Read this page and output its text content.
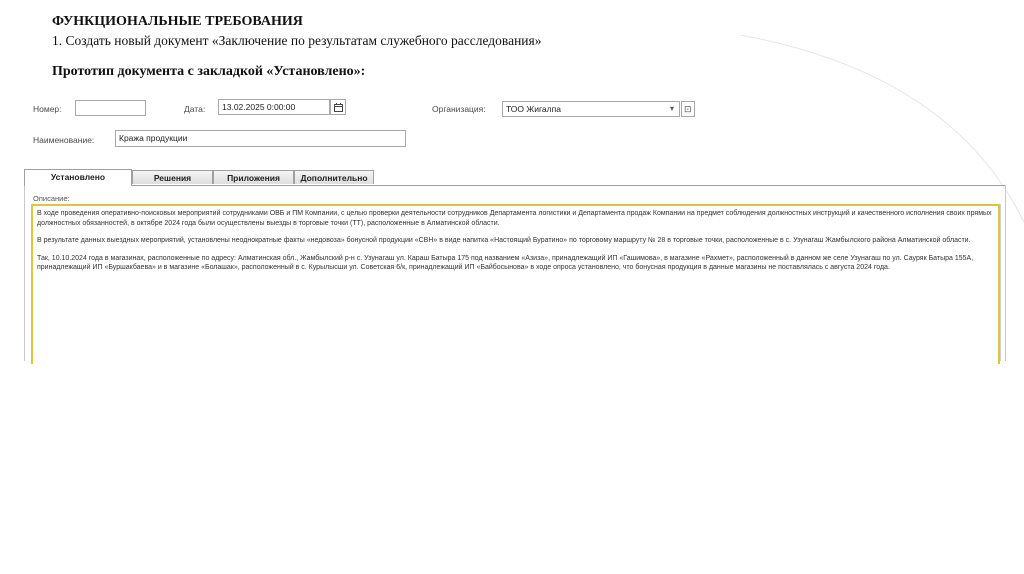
ФУНКЦИОНАЛЬНЫЕ ТРЕБОВАНИЯ
1. Создать новый документ «Заключение по результатам служебного расследования»
Прототип документа с закладкой «Установлено»:
Номер:	Дата:	13.02.2025 0:00:00	Организация:	ТОО Жигалпа	▾	⊡
Наименование:	Кража продукции
Установлено	Решения	Приложения	Дополнительно
Описание:

В ходе проведения оперативно-поисковых мероприятий сотрудниками ОВБ и ПМ Компании, с целью проверки деятельности сотрудников Департамента логистики и Департамента продаж Компании на предмет соблюдения должностных инструкций и качественного исполнения своих прямых должностных обязанностей, в октябре 2024 года были осуществлены выезды в торговые точки (ТТ), расположенные в Алматинской области.

В результате данных выездных мероприятий, установлены неоднократные факты «недовоза» бонусной продукции «СВН» в виде напитка «Настоящий Буратино» по торговому маршруту № 28 в торговые точки, расположенные в с. Узунагаш Жамбылского района Алматинской области.

Так, 10.10.2024 года в магазинах, расположенные по адресу: Алматинская обл., Жамбылский р-н с. Узунагаш ул. Караш Батыра 175 под названием «Азиза», принадлежащий ИП «Гашимова», в магазине «Рахмет», расположенный в данном же селе Узунагаш по ул. Сауряк Батыра 155А, принадлежащий ИП «Буршакбаева» и в магазине «Болашак», расположенный в с. Курылысши ул. Советская 6/к, принадлежащий ИП «Байбосынова» в ходе опроса установлено, что бонусная продукция в данные магазины не поставлялась с августа 2024 года.
